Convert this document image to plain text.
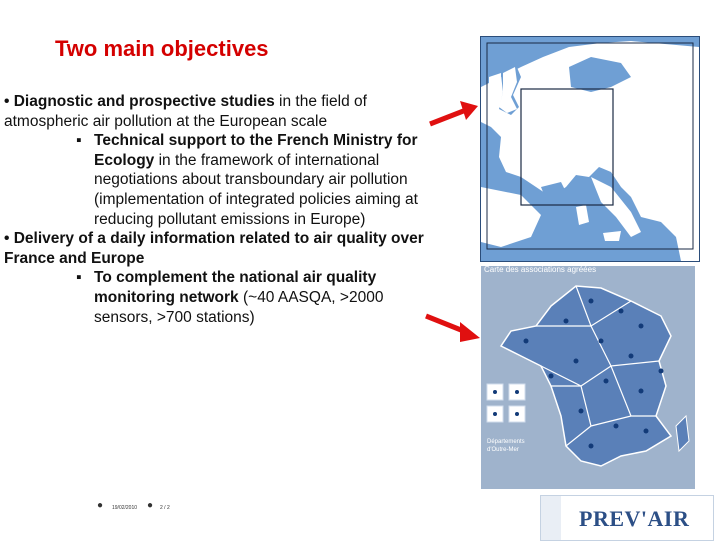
Two main objectives

• Diagnostic and prospective studies in the field of atmospheric air pollution at the European scale

▪ Technical support to the French Ministry for Ecology in the framework of international negotiations about transboundary air pollution (implementation of integrated policies aiming at reducing pollutant emissions in Europe)

• Delivery of a daily information related to air quality over France and Europe

▪ To complement the national air quality monitoring network (~40 AASQA, >2000 sensors, >700 stations)

Carte des associations agréées
Départements d'Outre-Mer
● 19/02/2010 ● 2 / 2	PREV'AIR
